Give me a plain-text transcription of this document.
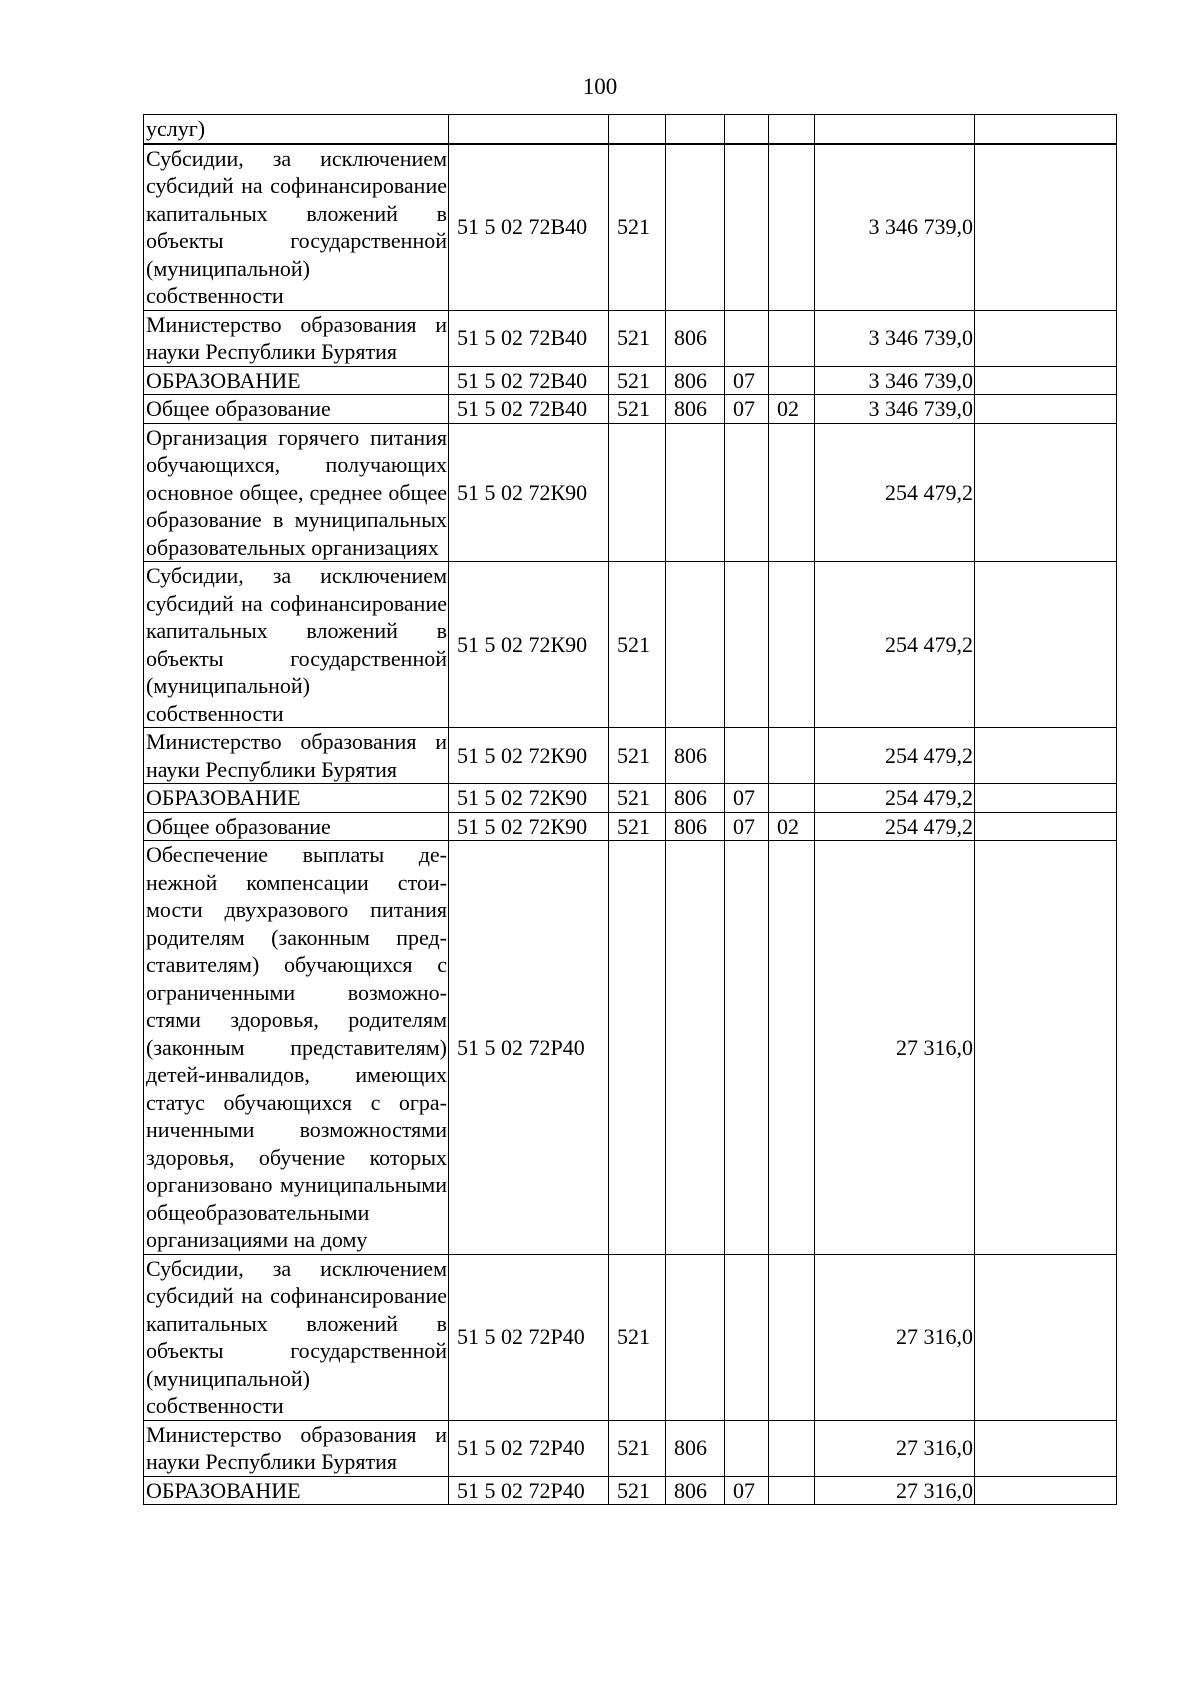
100
услуг)							
Субсидии, за исключением субсидий на софинансирование капитальных вложений в объекты государственной (муниципальной) собственности	51 5 02 72В40	521				3 346 739,0	
Министерство образования и науки Республики Бурятия	51 5 02 72В40	521	806			3 346 739,0	
ОБРАЗОВАНИЕ	51 5 02 72В40	521	806	07		3 346 739,0	
Общее образование	51 5 02 72В40	521	806	07	02	3 346 739,0	
Организация горячего питания обучающихся, получающих основное общее, среднее общее образование в муниципальных образовательных организациях	51 5 02 72К90					254 479,2	
Субсидии, за исключением субсидий на софинансирование капитальных вложений в объекты государственной (муниципальной) собственности	51 5 02 72К90	521				254 479,2	
Министерство образования и науки Республики Бурятия	51 5 02 72К90	521	806			254 479,2	
ОБРАЗОВАНИЕ	51 5 02 72К90	521	806	07		254 479,2	
Общее образование	51 5 02 72К90	521	806	07	02	254 479,2	
Обеспечение выплаты денежной компенсации стоимости двухразового питания родителям (законным представителям) обучающихся с ограниченными возможностями здоровья, родителям (законным представителям) детей-инвалидов, имеющих статус обучающихся с ограниченными возможностями здоровья, обучение которых организовано муниципальными общеобразовательными организациями на дому	51 5 02 72Р40					27 316,0	
Субсидии, за исключением субсидий на софинансирование капитальных вложений в объекты государственной (муниципальной) собственности	51 5 02 72Р40	521				27 316,0	
Министерство образования и науки Республики Бурятия	51 5 02 72Р40	521	806			27 316,0	
ОБРАЗОВАНИЕ	51 5 02 72Р40	521	806	07		27 316,0	
